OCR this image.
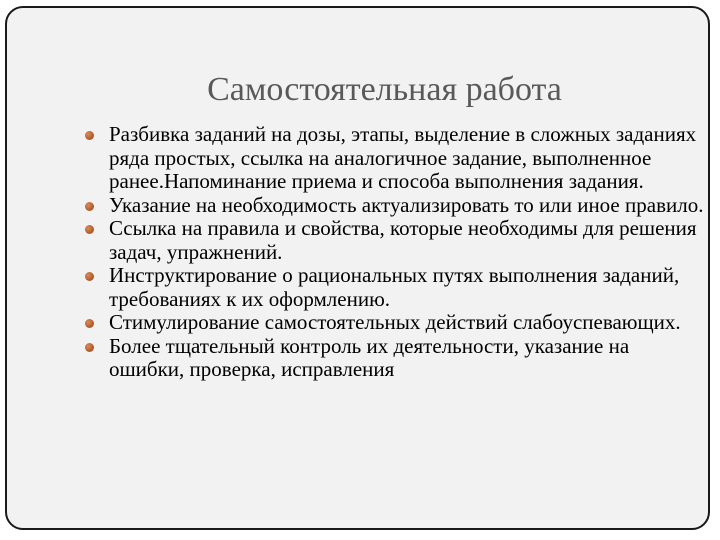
Самостоятельная работа
Разбивка заданий на дозы, этапы, выделение в сложных заданиях ряда простых, ссылка на аналогичное задание, выполненное ранее.Напоминание приема и способа выполнения задания.
Указание на необходимость актуализировать то или иное правило.
Ссылка на правила и свойства, которые необходимы для решения задач, упражнений.
Инструктирование о рациональных путях выполнения заданий, требованиях к их оформлению.
Стимулирование самостоятельных действий слабоуспевающих.
Более тщательный контроль их деятельности, указание на ошибки, проверка, исправления
